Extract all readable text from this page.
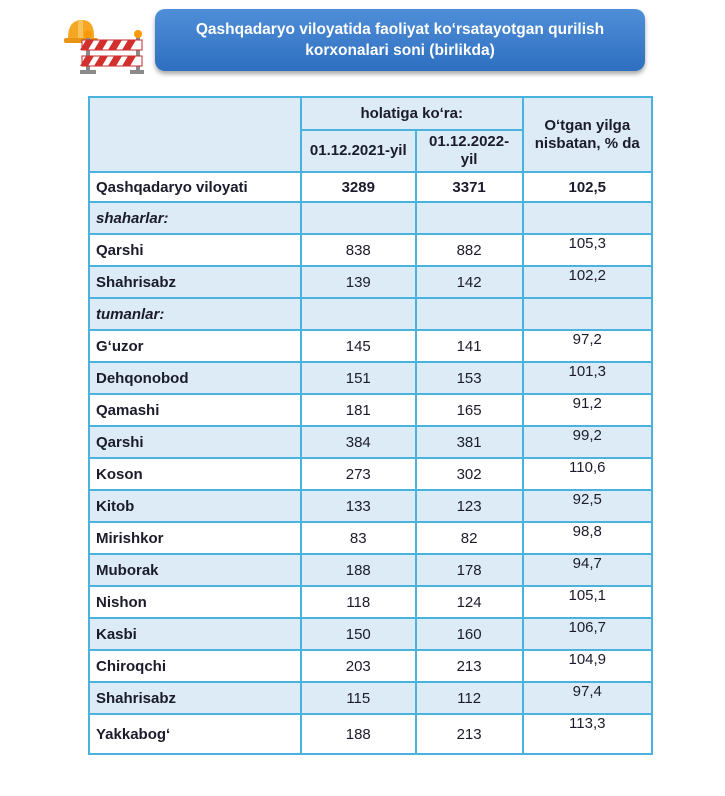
Qashqadaryo viloyatida faoliyat koʻrsatayotgan qurilish korxonalari soni (birlikda)
	holatiga koʻra:		Oʻtgan yilga nisbatan, % da
	01.12.2021-yil	01.12.2022-yil	
Qashqadaryo viloyati	3289	3371	102,5
shaharlar:			
Qarshi	838	882	105,3
Shahrisabz	139	142	102,2
tumanlar:			
Gʻuzor	145	141	97,2
Dehqonobod	151	153	101,3
Qamashi	181	165	91,2
Qarshi	384	381	99,2
Koson	273	302	110,6
Kitob	133	123	92,5
Mirishkor	83	82	98,8
Muborak	188	178	94,7
Nishon	118	124	105,1
Kasbi	150	160	106,7
Chiroqchi	203	213	104,9
Shahrisabz	115	112	97,4
Yakkabogʻ	188	213	113,3
